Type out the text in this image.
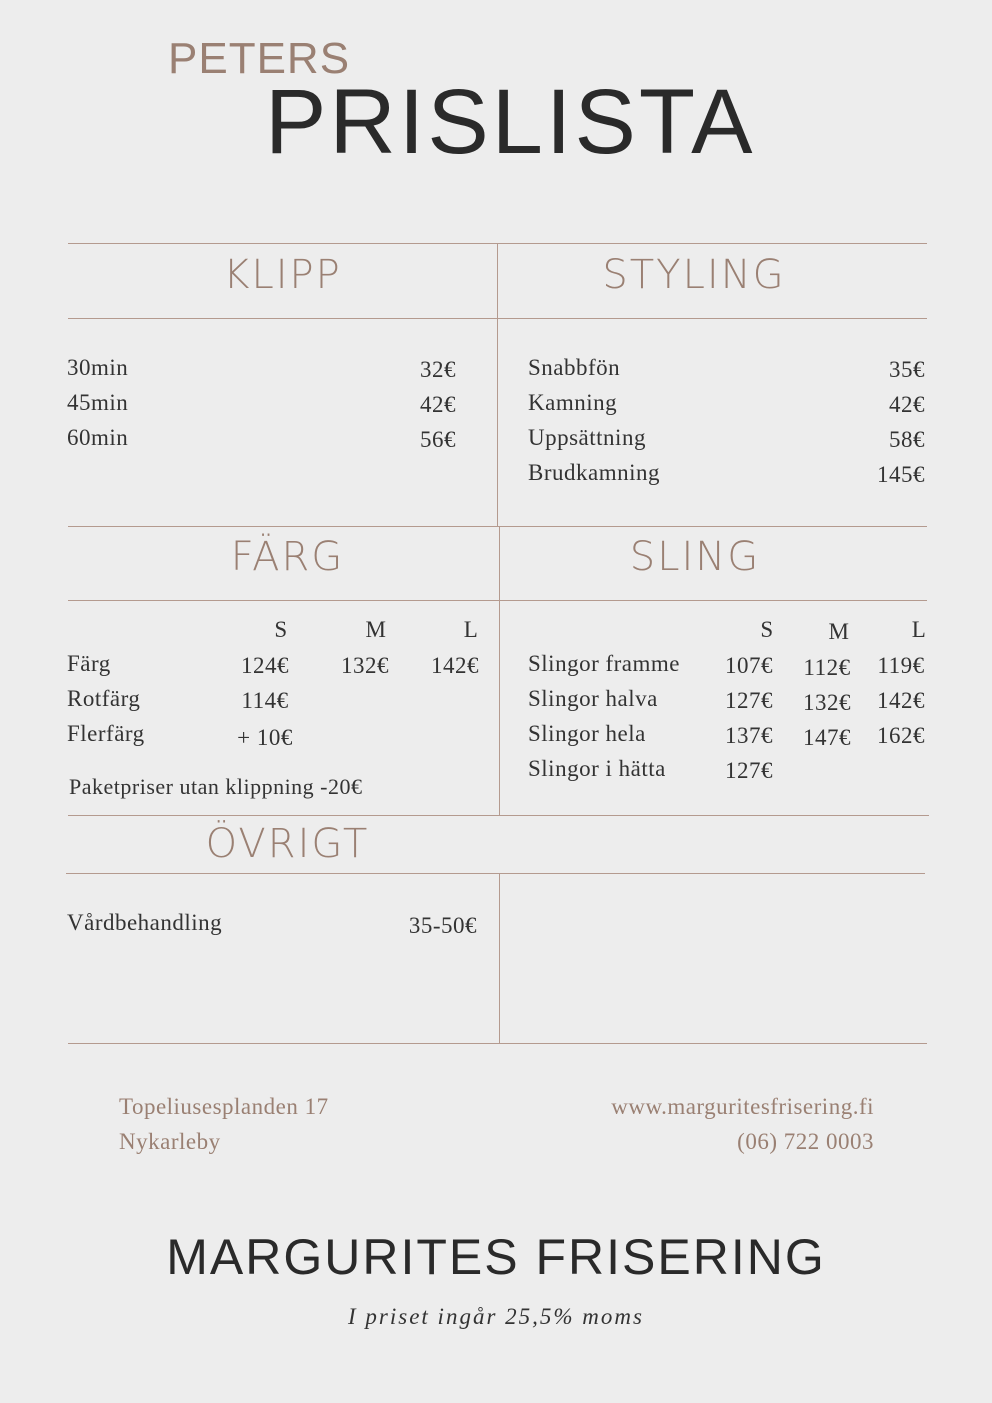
PETERS
PRISLISTA
KLIPP	STYLING
FÄRG	SLING
ÖVRIGT
30min	32€
45min	42€
60min	56€
Snabbfön	35€
Kamning	42€
Uppsättning	58€
Brudkamning	145€
S	M	L
Färg	124€	132€	142€
Rotfärg	114€
Flerfärg	+ 10€
Paketpriser utan klippning -20€
S	M	L
Slingor framme	107€	112€	119€
Slingor halva	127€	132€	142€
Slingor hela	137€	147€	162€
Slingor i hätta	127€
Vårdbehandling	35-50€
Topeliusesplanden 17
Nykarleby
www.marguritesfrisering.fi
(06) 722 0003
MARGURITES FRISERING
I priset ingår 25,5% moms
